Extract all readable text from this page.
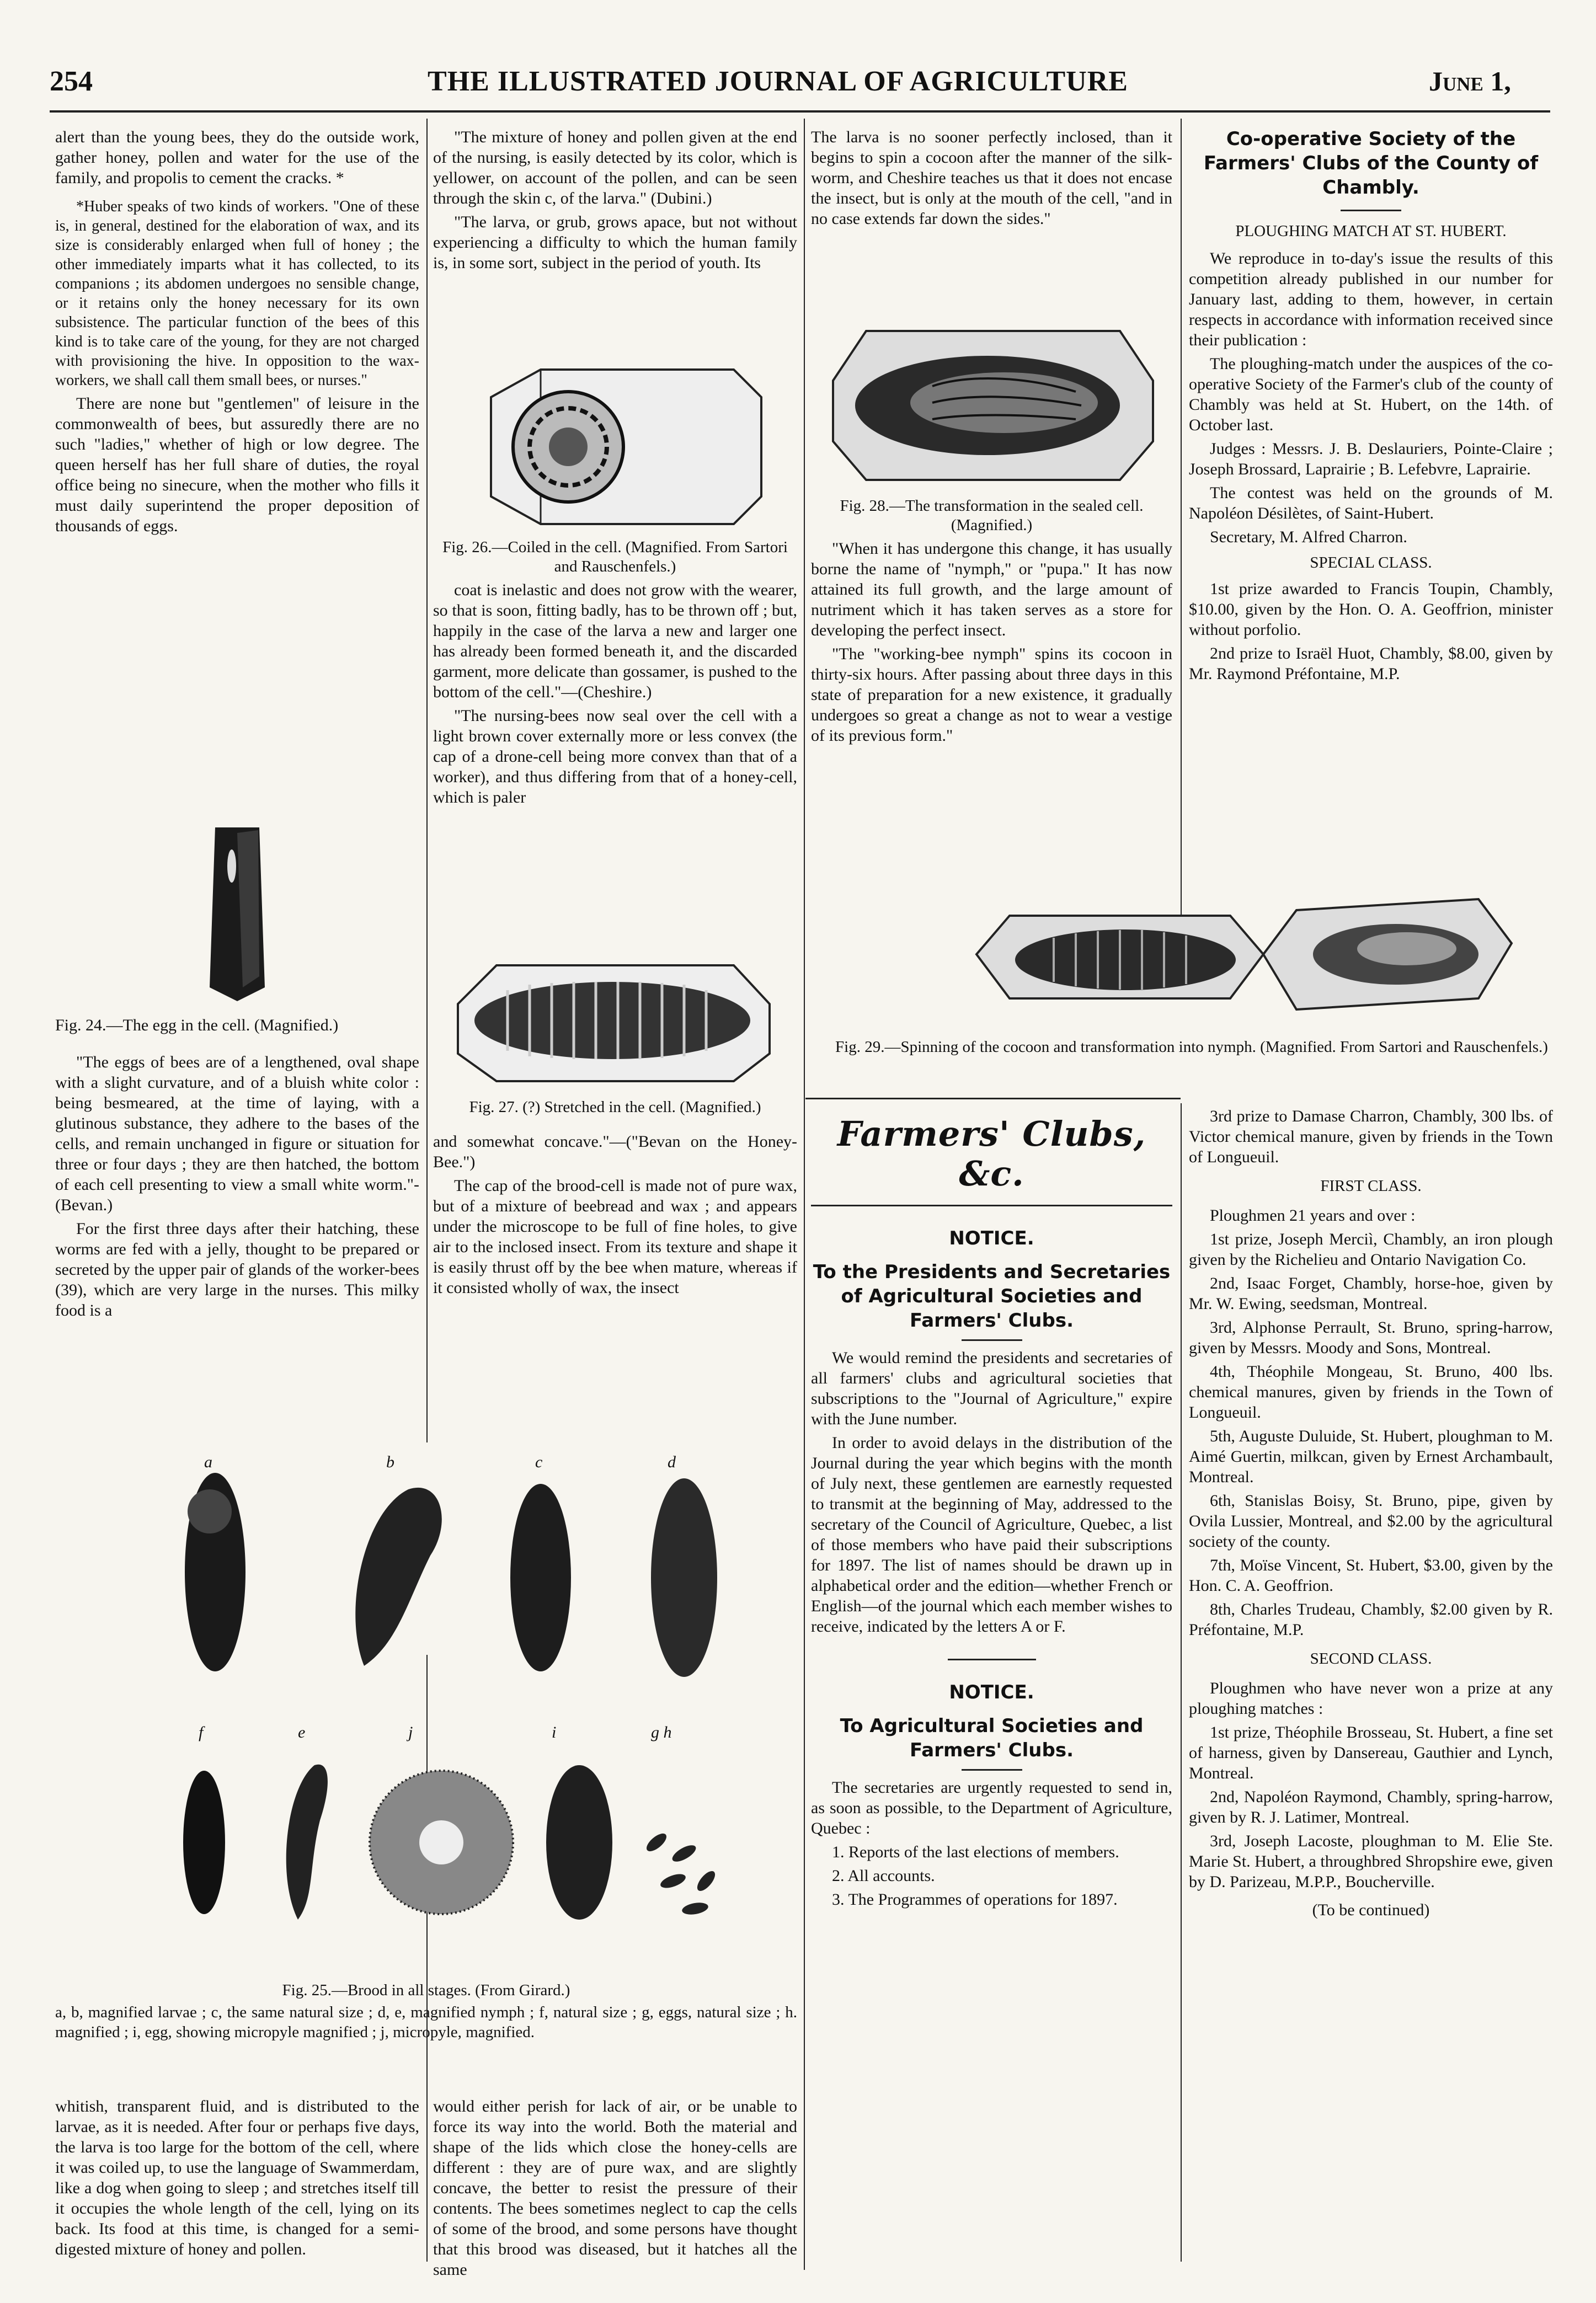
254	THE ILLUSTRATED JOURNAL OF AGRICULTURE	June 1,

alert than the young bees, they do the outside work, gather honey, pollen and water for the use of the family, and propolis to cement the cracks. *

*Huber speaks of two kinds of workers. "One of these is, in general, destined for the elaboration of wax, and its size is considerably enlarged when full of honey ; the other immediately imparts what it has collected, to its companions ; its abdomen undergoes no sensible change, or it retains only the honey necessary for its own subsistence. The particular function of the bees of this kind is to take care of the young, for they are not charged with provisioning the hive. In opposition to the wax-workers, we shall call them small bees, or nurses."

There are none but "gentlemen" of leisure in the commonwealth of bees, but assuredly there are no such "ladies," whether of high or low degree. The queen herself has her full share of duties, the royal office being no sinecure, when the mother who fills it must daily superintend the proper deposition of thousands of eggs.

Fig. 24.—The egg in the cell. (Magnified.)

"The eggs of bees are of a lengthened, oval shape with a slight curvature, and of a bluish white color : being besmeared, at the time of laying, with a glutinous substance, they adhere to the bases of the cells, and remain unchanged in figure or situation for three or four days ; they are then hatched, the bottom of each cell presenting to view a small white worm."- (Bevan.)

For the first three days after their hatching, these worms are fed with a jelly, thought to be prepared or secreted by the upper pair of glands of the worker-bees (39), which are very large in the nurses. This milky food is a

"The mixture of honey and pollen given at the end of the nursing, is easily detected by its color, which is yellower, on account of the pollen, and can be seen through the skin c, of the larva." (Dubini.)

"The larva, or grub, grows apace, but not without experiencing a difficulty to which the human family is, in some sort, subject in the period of youth. Its

Fig. 26.—Coiled in the cell. (Magnified. From Sartori and Rauschenfels.)

coat is inelastic and does not grow with the wearer, so that is soon, fitting badly, has to be thrown off ; but, happily in the case of the larva a new and larger one has already been formed beneath it, and the discarded garment, more delicate than gossamer, is pushed to the bottom of the cell."—(Cheshire.)

"The nursing-bees now seal over the cell with a light brown cover externally more or less convex (the cap of a drone-cell being more convex than that of a worker), and thus differing from that of a honey-cell, which is paler

Fig. 27. (?) Stretched in the cell. (Magnified.)

and somewhat concave."—("Bevan on the Honey-Bee.")

The cap of the brood-cell is made not of pure wax, but of a mixture of beebread and wax ; and appears under the microscope to be full of fine holes, to give air to the inclosed insect. From its texture and shape it is easily thrust off by the bee when mature, whereas if it consisted wholly of wax, the insect

a	b	c	d
f	e	j	i	g h
Fig. 25.—Brood in all stages. (From Girard.)
a, b, magnified larvae ; c, the same natural size ; d, e, magnified nymph ; f, natural size ; g, eggs, natural size ; h. magnified ; i, egg, showing micropyle magnified ; j, micropyle, magnified.

whitish, transparent fluid, and is distributed to the larvae, as it is needed. After four or perhaps five days, the larva is too large for the bottom of the cell, where it was coiled up, to use the language of Swammerdam, like a dog when going to sleep ; and stretches itself till it occupies the whole length of the cell, lying on its back. Its food at this time, is changed for a semi-digested mixture of honey and pollen.

would either perish for lack of air, or be unable to force its way into the world. Both the material and shape of the lids which close the honey-cells are different : they are of pure wax, and are slightly concave, the better to resist the pressure of their contents. The bees sometimes neglect to cap the cells of some of the brood, and some persons have thought that this brood was diseased, but it hatches all the same

The larva is no sooner perfectly inclosed, than it begins to spin a cocoon after the manner of the silk-worm, and Cheshire teaches us that it does not encase the insect, but is only at the mouth of the cell, "and in no case extends far down the sides."

Fig. 28.—The transformation in the sealed cell. (Magnified.)

"When it has undergone this change, it has usually borne the name of "nymph," or "pupa." It has now attained its full growth, and the large amount of nutriment which it has taken serves as a store for developing the perfect insect.

"The "working-bee nymph" spins its cocoon in thirty-six hours. After passing about three days in this state of preparation for a new existence, it gradually undergoes so great a change as not to wear a vestige of its previous form."

Farmers' Clubs, &c.
NOTICE.
To the Presidents and Secretaries of Agricultural Societies and Farmers' Clubs.

We would remind the presidents and secretaries of all farmers' clubs and agricultural societies that subscriptions to the "Journal of Agriculture," expire with the June number.

In order to avoid delays in the distribution of the Journal during the year which begins with the month of July next, these gentlemen are earnestly requested to transmit at the beginning of May, addressed to the secretary of the Council of Agriculture, Quebec, a list of those members who have paid their subscriptions for 1897. The list of names should be drawn up in alphabetical order and the edition—whether French or English—of the journal which each member wishes to receive, indicated by the letters A or F.

NOTICE.
To Agricultural Societies and Farmers' Clubs.

The secretaries are urgently requested to send in, as soon as possible, to the Department of Agriculture, Quebec :

1. Reports of the last elections of members.

2. All accounts.

3. The Programmes of operations for 1897.

Co-operative Society of the Farmers' Clubs of the County of Chambly.
PLOUGHING MATCH AT ST. HUBERT.

We reproduce in to-day's issue the results of this competition already published in our number for January last, adding to them, however, in certain respects in accordance with information received since their publication :

The ploughing-match under the auspices of the co-operative Society of the Farmer's club of the county of Chambly was held at St. Hubert, on the 14th. of October last.

Judges : Messrs. J. B. Deslauriers, Pointe-Claire ; Joseph Brossard, Laprairie ; B. Lefebvre, Laprairie.

The contest was held on the grounds of M. Napoléon Désilètes, of Saint-Hubert.

Secretary, M. Alfred Charron.

SPECIAL CLASS.

1st prize awarded to Francis Toupin, Chambly, $10.00, given by the Hon. O. A. Geoffrion, minister without porfolio.

2nd prize to Israël Huot, Chambly, $8.00, given by Mr. Raymond Préfontaine, M.P.

Fig. 29.—Spinning of the cocoon and transformation into nymph. (Magnified. From Sartori and Rauschenfels.)

3rd prize to Damase Charron, Chambly, 300 lbs. of Victor chemical manure, given by friends in the Town of Longueuil.

FIRST CLASS.

Ploughmen 21 years and over :

1st prize, Joseph Merciì, Chambly, an iron plough given by the Richelieu and Ontario Navigation Co.

2nd, Isaac Forget, Chambly, horse-hoe, given by Mr. W. Ewing, seedsman, Montreal.

3rd, Alphonse Perrault, St. Bruno, spring-harrow, given by Messrs. Moody and Sons, Montreal.

4th, Théophile Mongeau, St. Bruno, 400 lbs. chemical manures, given by friends in the Town of Longueuil.

5th, Auguste Duluide, St. Hubert, ploughman to M. Aimé Guertin, milkcan, given by Ernest Archambault, Montreal.

6th, Stanislas Boisy, St. Bruno, pipe, given by Ovila Lussier, Montreal, and $2.00 by the agricultural society of the county.

7th, Moïse Vincent, St. Hubert, $3.00, given by the Hon. C. A. Geoffrion.

8th, Charles Trudeau, Chambly, $2.00 given by R. Préfontaine, M.P.

SECOND CLASS.

Ploughmen who have never won a prize at any ploughing matches :

1st prize, Théophile Brosseau, St. Hubert, a fine set of harness, given by Dansereau, Gauthier and Lynch, Montreal.

2nd, Napoléon Raymond, Chambly, spring-harrow, given by R. J. Latimer, Montreal.

3rd, Joseph Lacoste, ploughman to M. Elie Ste. Marie St. Hubert, a throughbred Shropshire ewe, given by D. Parizeau, M.P.P., Boucherville.

(To be continued)
